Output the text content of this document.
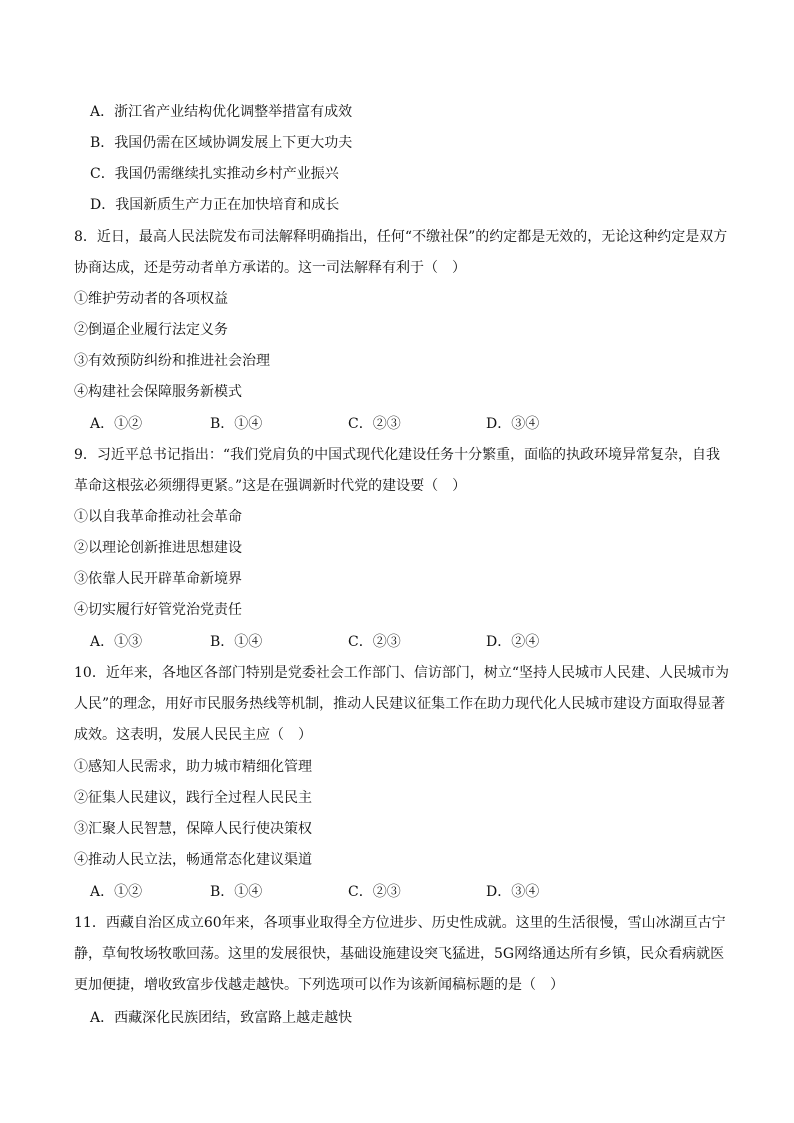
A．浙江省产业结构优化调整举措富有成效
B．我国仍需在区域协调发展上下更大功夫
C．我国仍需继续扎实推动乡村产业振兴
D．我国新质生产力正在加快培育和成长
8．近日，最高人民法院发布司法解释明确指出，任何“不缴社保”的约定都是无效的，无论这种约定是双方
协商达成，还是劳动者单方承诺的。这一司法解释有利于（　）
①维护劳动者的各项权益
②倒逼企业履行法定义务
③有效预防纠纷和推进社会治理
④构建社会保障服务新模式
A．①②	B．①④	C．②③	D．③④
9．习近平总书记指出：“我们党肩负的中国式现代化建设任务十分繁重，面临的执政环境异常复杂，自我
革命这根弦必须绷得更紧。”这是在强调新时代党的建设要（　）
①以自我革命推动社会革命
②以理论创新推进思想建设
③依靠人民开辟革命新境界
④切实履行好管党治党责任
A．①③	B．①④	C．②③	D．②④
10．近年来，各地区各部门特别是党委社会工作部门、信访部门，树立“坚持人民城市人民建、人民城市为
人民”的理念，用好市民服务热线等机制，推动人民建议征集工作在助力现代化人民城市建设方面取得显著
成效。这表明，发展人民民主应（　）
①感知人民需求，助力城市精细化管理
②征集人民建议，践行全过程人民民主
③汇聚人民智慧，保障人民行使决策权
④推动人民立法，畅通常态化建议渠道
A．①②	B．①④	C．②③	D．③④
11．西藏自治区成立60年来，各项事业取得全方位进步、历史性成就。这里的生活很慢，雪山冰湖亘古宁
静，草甸牧场牧歌回荡。这里的发展很快，基础设施建设突飞猛进，5G网络通达所有乡镇，民众看病就医
更加便捷，增收致富步伐越走越快。下列选项可以作为该新闻稿标题的是（　）
A．西藏深化民族团结，致富路上越走越快
